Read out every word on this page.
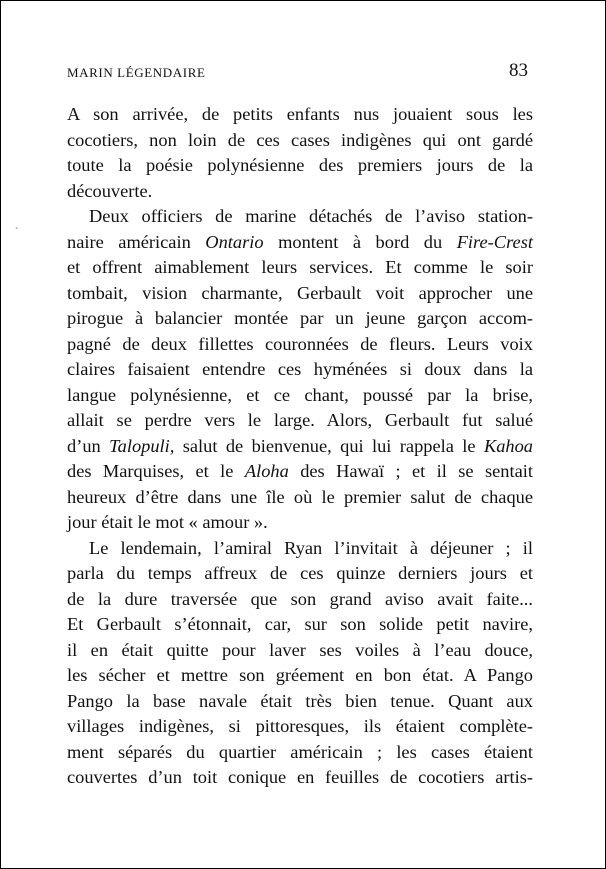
MARIN LÉGENDAIRE	83
`
A son arrivée, de petits enfants nus jouaient sous les
cocotiers, non loin de ces cases indigènes qui ont gardé
toute la poésie polynésienne des premiers jours de la
découverte.
Deux officiers de marine détachés de l’aviso station-
naire américain Ontario montent à bord du Fire-Crest
et offrent aimablement leurs services. Et comme le soir
tombait, vision charmante, Gerbault voit approcher une
pirogue à balancier montée par un jeune garçon accom-
pagné de deux fillettes couronnées de fleurs. Leurs voix
claires faisaient entendre ces hyménées si doux dans la
langue polynésienne, et ce chant, poussé par la brise,
allait se perdre vers le large. Alors, Gerbault fut salué
d’un Talopuli, salut de bienvenue, qui lui rappela le Kahoa
des Marquises, et le Aloha des Hawaï ; et il se sentait
heureux d’être dans une île où le premier salut de chaque
jour était le mot « amour ».
Le lendemain, l’amiral Ryan l’invitait à déjeuner ; il
parla du temps affreux de ces quinze derniers jours et
de la dure traversée que son grand aviso avait faite...
Et Gerbault s’étonnait, car, sur son solide petit navire,
il en était quitte pour laver ses voiles à l’eau douce,
les sécher et mettre son gréement en bon état. A Pango
Pango la base navale était très bien tenue. Quant aux
villages indigènes, si pittoresques, ils étaient complète-
ment séparés du quartier américain ; les cases étaient
couvertes d’un toit conique en feuilles de cocotiers artis-
